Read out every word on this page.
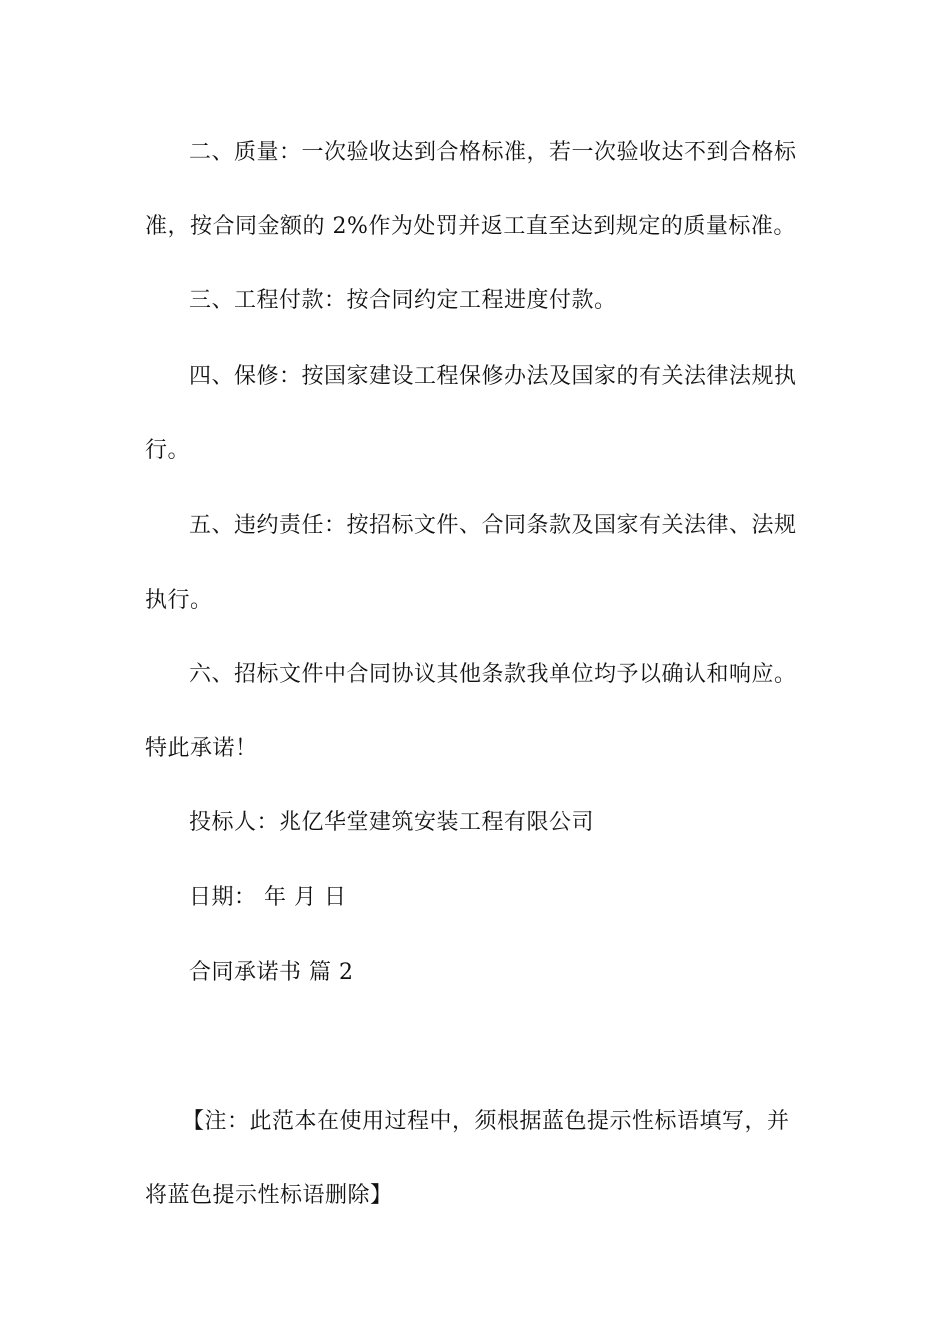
二、质量：一次验收达到合格标准，若一次验收达不到合格标
准，按合同金额的 2%作为处罚并返工直至达到规定的质量标准。
三、工程付款：按合同约定工程进度付款。
四、保修：按国家建设工程保修办法及国家的有关法律法规执
行。
五、违约责任：按招标文件、合同条款及国家有关法律、法规
执行。
六、招标文件中合同协议其他条款我单位均予以确认和响应。
特此承诺！
投标人：兆亿华堂建筑安装工程有限公司
日期： 年 月 日
合同承诺书 篇 2
【注：此范本在使用过程中，须根据蓝色提示性标语填写，并
将蓝色提示性标语删除】
